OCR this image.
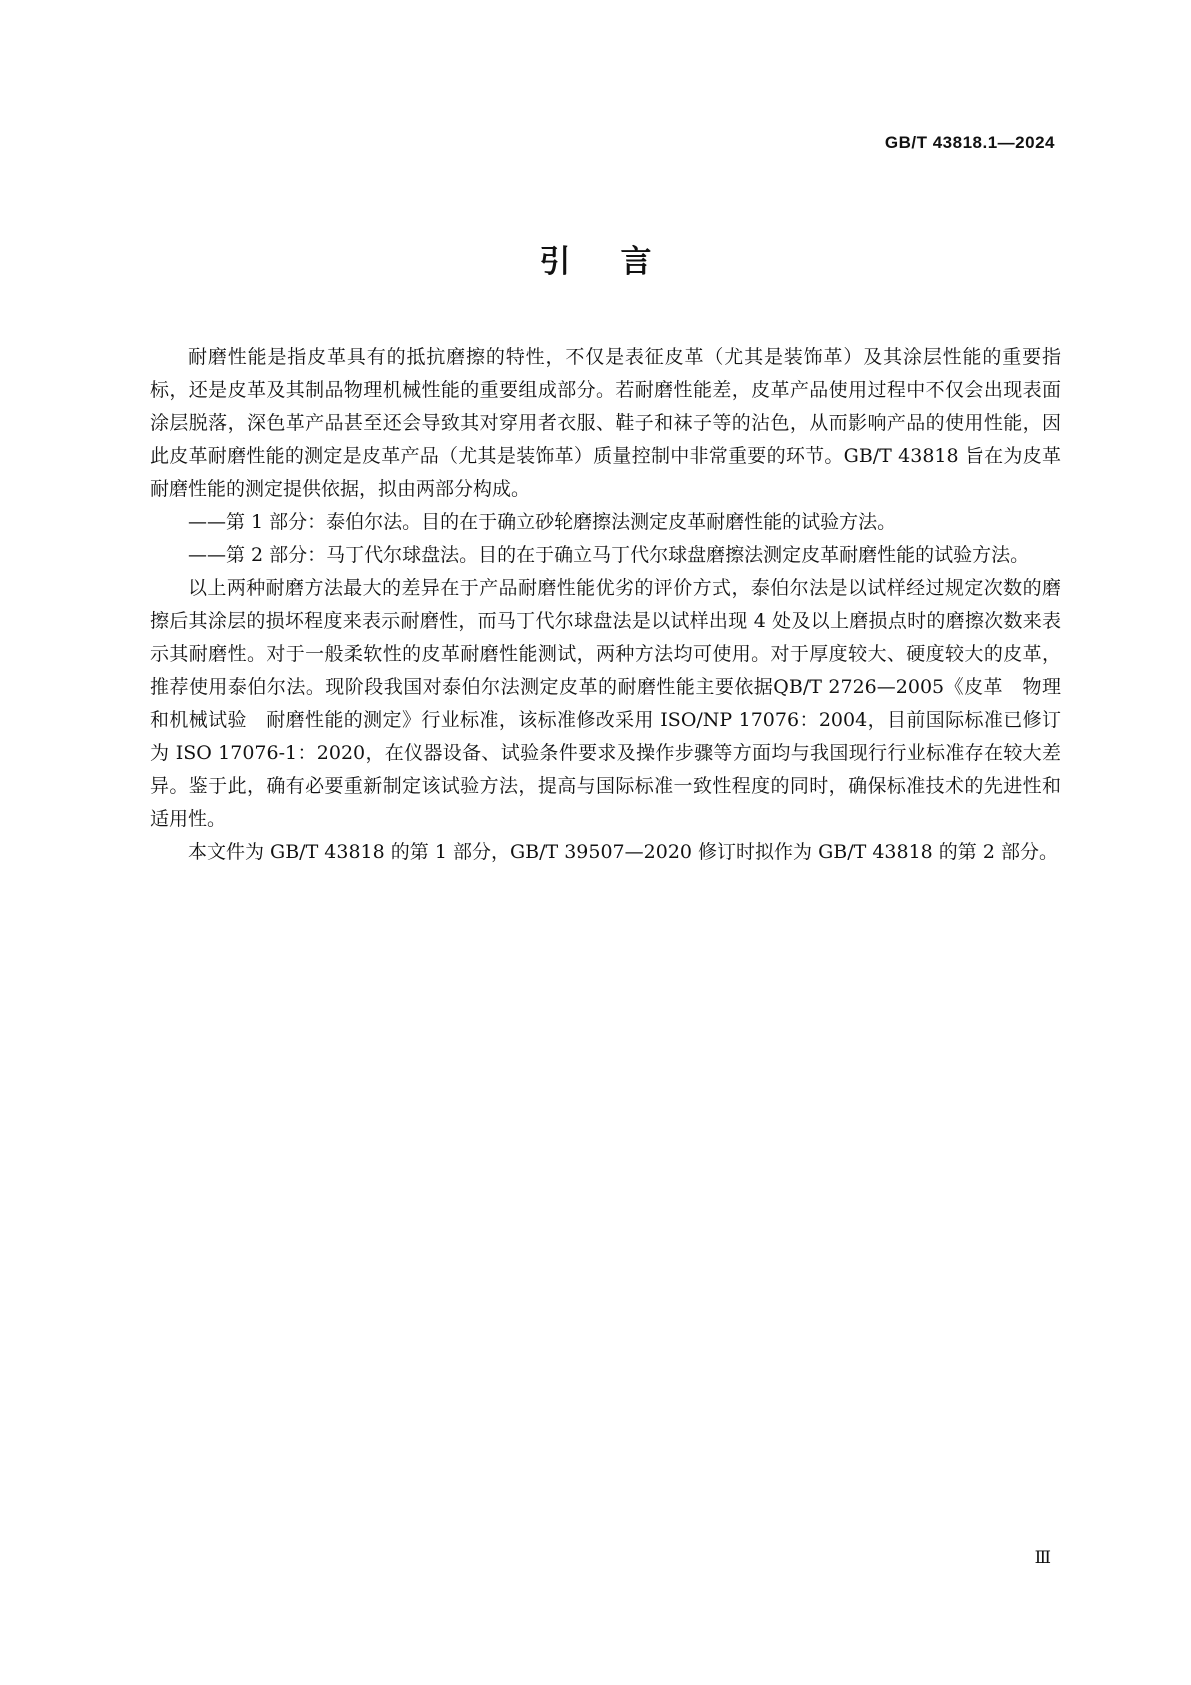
GB/T 43818.1—2024
引言

耐磨性能是指皮革具有的抵抗磨擦的特性，不仅是表征皮革（尤其是装饰革）及其涂层性能的重要指标，还是皮革及其制品物理机械性能的重要组成部分。若耐磨性能差，皮革产品使用过程中不仅会出现表面涂层脱落，深色革产品甚至还会导致其对穿用者衣服、鞋子和袜子等的沾色，从而影响产品的使用性能，因此皮革耐磨性能的测定是皮革产品（尤其是装饰革）质量控制中非常重要的环节。GB/T 43818 旨在为皮革耐磨性能的测定提供依据，拟由两部分构成。

——第 1 部分：泰伯尔法。目的在于确立砂轮磨擦法测定皮革耐磨性能的试验方法。

——第 2 部分：马丁代尔球盘法。目的在于确立马丁代尔球盘磨擦法测定皮革耐磨性能的试验方法。

以上两种耐磨方法最大的差异在于产品耐磨性能优劣的评价方式，泰伯尔法是以试样经过规定次数的磨擦后其涂层的损坏程度来表示耐磨性，而马丁代尔球盘法是以试样出现 4 处及以上磨损点时的磨擦次数来表示其耐磨性。对于一般柔软性的皮革耐磨性能测试，两种方法均可使用。对于厚度较大、硬度较大的皮革，推荐使用泰伯尔法。现阶段我国对泰伯尔法测定皮革的耐磨性能主要依据QB/T 2726—2005《皮革　物理和机械试验　耐磨性能的测定》行业标准，该标准修改采用 ISO/NP 17076：2004，目前国际标准已修订为 ISO 17076-1：2020，在仪器设备、试验条件要求及操作步骤等方面均与我国现行行业标准存在较大差异。鉴于此，确有必要重新制定该试验方法，提高与国际标准一致性程度的同时，确保标准技术的先进性和适用性。

本文件为 GB/T 43818 的第 1 部分，GB/T 39507—2020 修订时拟作为 GB/T 43818 的第 2 部分。

Ⅲ
